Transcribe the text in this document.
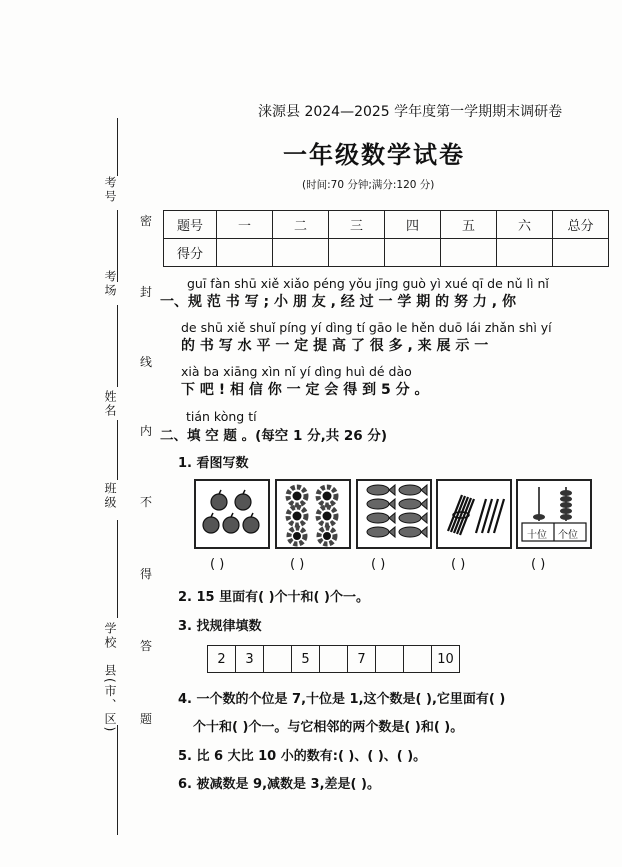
考号
考场
姓名
班级
学校
县(市、区)
密
封
线
内
不
得
答
题
涞源县 2024—2025 学年度第一学期期末调研卷
一年级数学试卷
(时间:70 分钟;满分:120 分)
题号	一	二	三	四	五	六	总分
得分							
guī fàn shū xiě xiǎo péng yǒu jīng guò yì xué qī de nǔ lì nǐ
一、规 范 书 写 ; 小 朋 友 , 经 过 一 学 期 的 努 力 , 你
de shū xiě shuǐ píng yí dìng tí gāo le hěn duō lái zhǎn shì yí
的 书 写 水 平 一 定 提 高 了 很 多 , 来 展 示 一
xià ba xiāng xìn nǐ yí dìng huì dé dào
下 吧 ! 相 信 你 一 定 会 得 到 5 分 。
tián kòng tí
二、填 空 题 。(每空 1 分,共 26 分)
1. 看图写数
十位 个位
( )	( )	( )	( )	( )
2. 15 里面有( )个十和( )个一。
3. 找规律填数
2	3		5		7			10
4. 一个数的个位是 7,十位是 1,这个数是( ),它里面有( )
个十和( )个一。与它相邻的两个数是( )和( )。
5. 比 6 大比 10 小的数有:( )、( )、( )。
6. 被减数是 9,减数是 3,差是( )。
